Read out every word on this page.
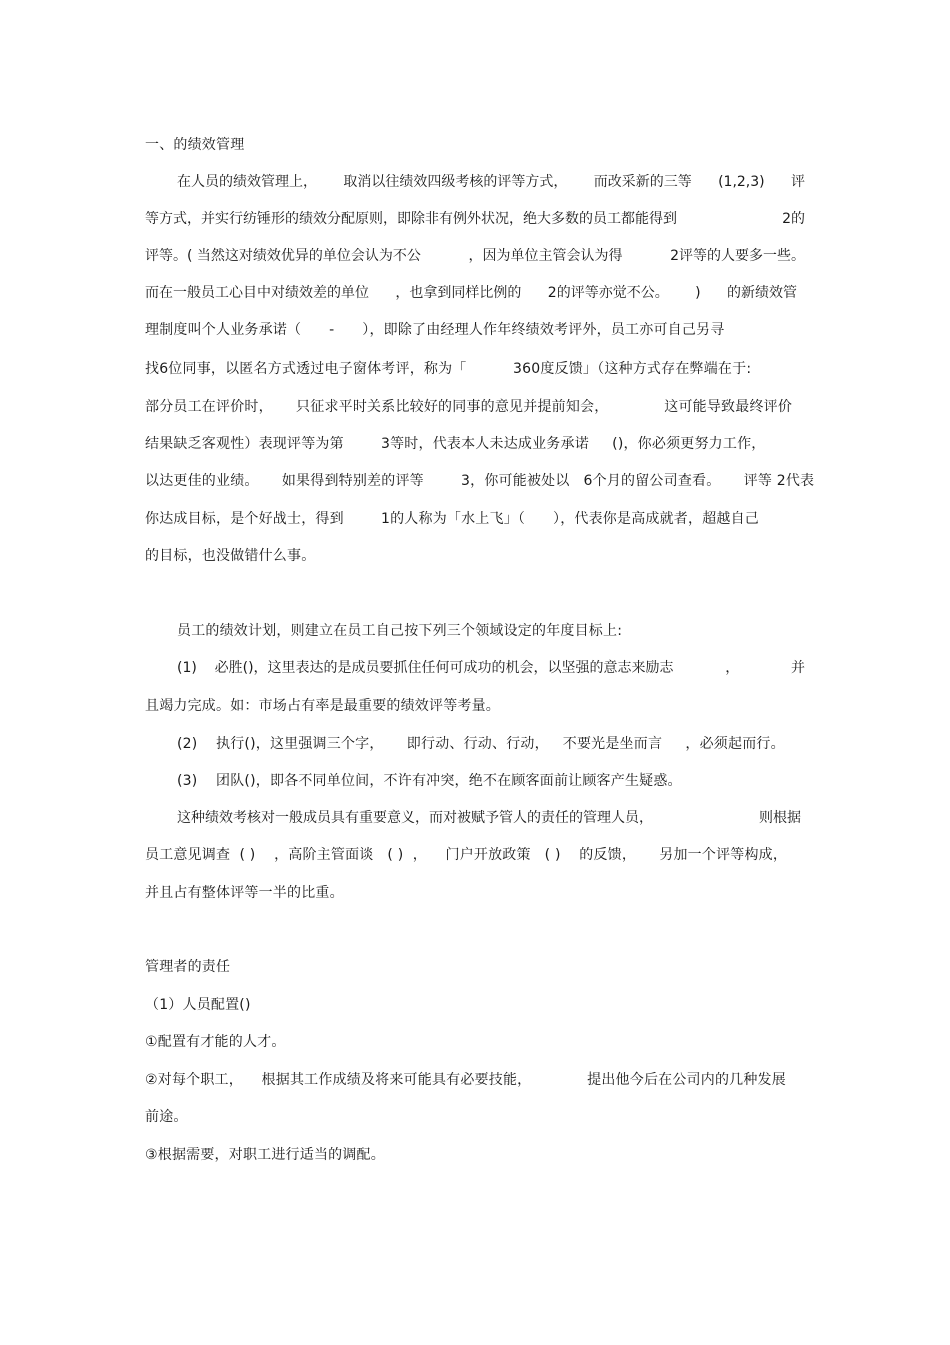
一、的绩效管理
在人员的绩效管理上， 取消以往绩效四级考核的评等方式， 而改采新的三等 (1,2,3) 评
等方式，并实行纺锤形的绩效分配原则，即除非有例外状况，绝大多数的员工都能得到	2的
评等。( 当然这对绩效优异的单位会认为不公	，因为单位主管会认为得	2评等的人要多一些。
而在一般员工心目中对绩效差的单位 ，也拿到同样比例的 2的评等亦觉不公。 ) 的新绩效管
理制度叫个人业务承诺（      -      ），即除了由经理人作年终绩效考评外，员工亦可自己另寻
找6位同事，以匿名方式透过电子窗体考评，称为「          360度反馈」（这种方式存在弊端在于:
部分员工在评价时，     只征求平时关系比较好的同事的意见并提前知会，            这可能导致最终评价
结果缺乏客观性）表现评等为第        3等时，代表本人未达成业务承诺     ()，你必须更努力工作，
以达更佳的业绩。     如果得到特别差的评等        3，你可能被处以   6个月的留公司查看。     评等 2代表
你达成目标，是个好战士，得到        1的人称为「水上飞」（      ），代表你是高成就者，超越自己
的目标，也没做错什么事。
员工的绩效计划，则建立在员工自己按下列三个领域设定的年度目标上:
(1)    必胜()，这里表达的是成员要抓住任何可成功的机会，以坚强的意志来励志	，	并
且竭力完成。如：市场占有率是最重要的绩效评等考量。
(2)    执行()，这里强调三个字，     即行动、行动、行动，   不要光是坐而言     ，必须起而行。
(3)    团队()，即各不同单位间，不许有冲突，绝不在顾客面前让顾客产生疑惑。
这种绩效考核对一般成员具有重要意义，而对被赋予管人的责任的管理人员，	则根据
员工意见调查  ( )    ，高阶主管面谈   ( )  ，    门户开放政策   ( )    的反馈，     另加一个评等构成，
并且占有整体评等一半的比重。
管理者的责任
（1）人员配置()
①配置有才能的人才。
②对每个职工，    根据其工作成绩及将来可能具有必要技能，            提出他今后在公司内的几种发展
前途。
③根据需要，对职工进行适当的调配。
